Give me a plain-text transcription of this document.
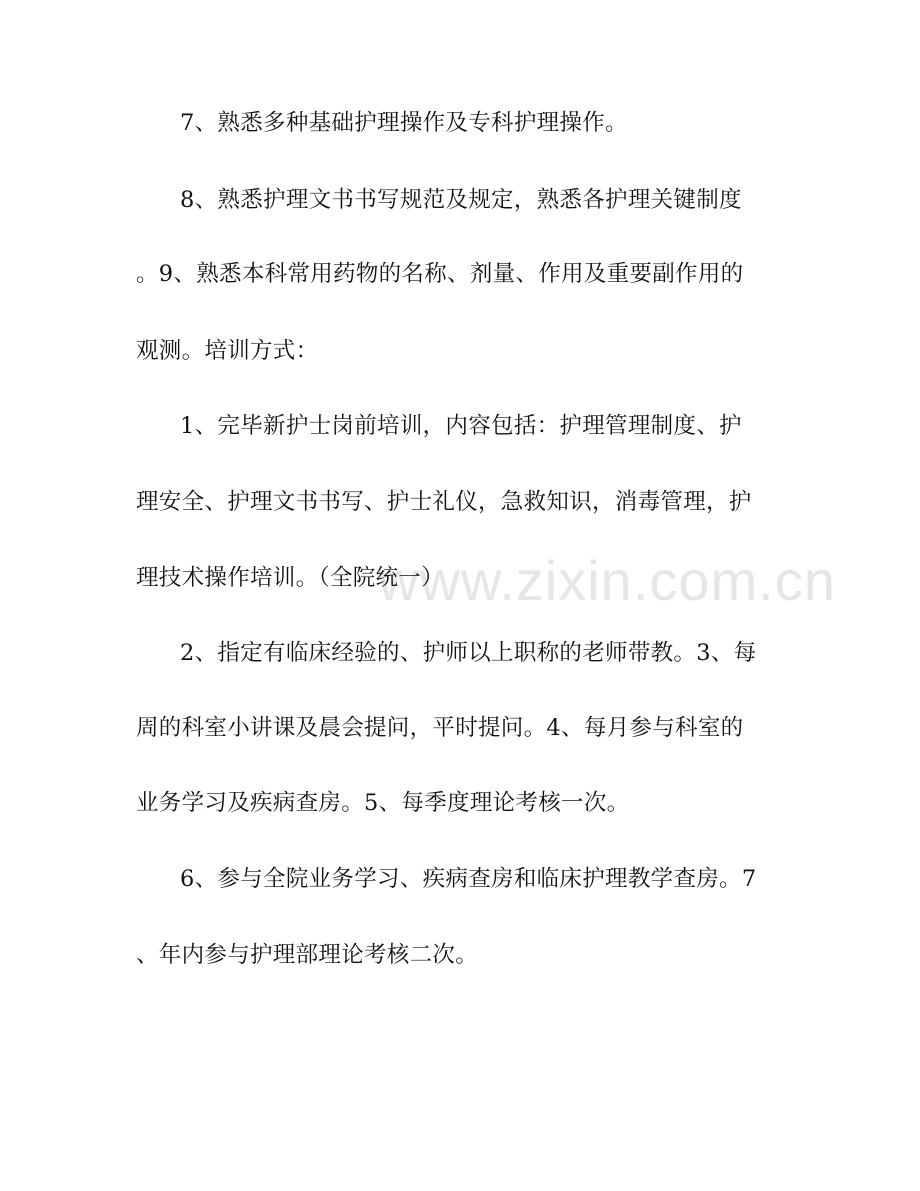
www.zixin.com.cn
7、熟悉多种基础护理操作及专科护理操作。
8、熟悉护理文书书写规范及规定，熟悉各护理关键制度
。9、熟悉本科常用药物的名称、剂量、作用及重要副作用的
观测。培训方式：
1、完毕新护士岗前培训，内容包括：护理管理制度、护
理安全、护理文书书写、护士礼仪，急救知识，消毒管理，护
理技术操作培训。（全院统一）
2、指定有临床经验的、护师以上职称的老师带教。3、每
周的科室小讲课及晨会提问，平时提问。4、每月参与科室的
业务学习及疾病查房。5、每季度理论考核一次。
6、参与全院业务学习、疾病查房和临床护理教学查房。7
、年内参与护理部理论考核二次。
